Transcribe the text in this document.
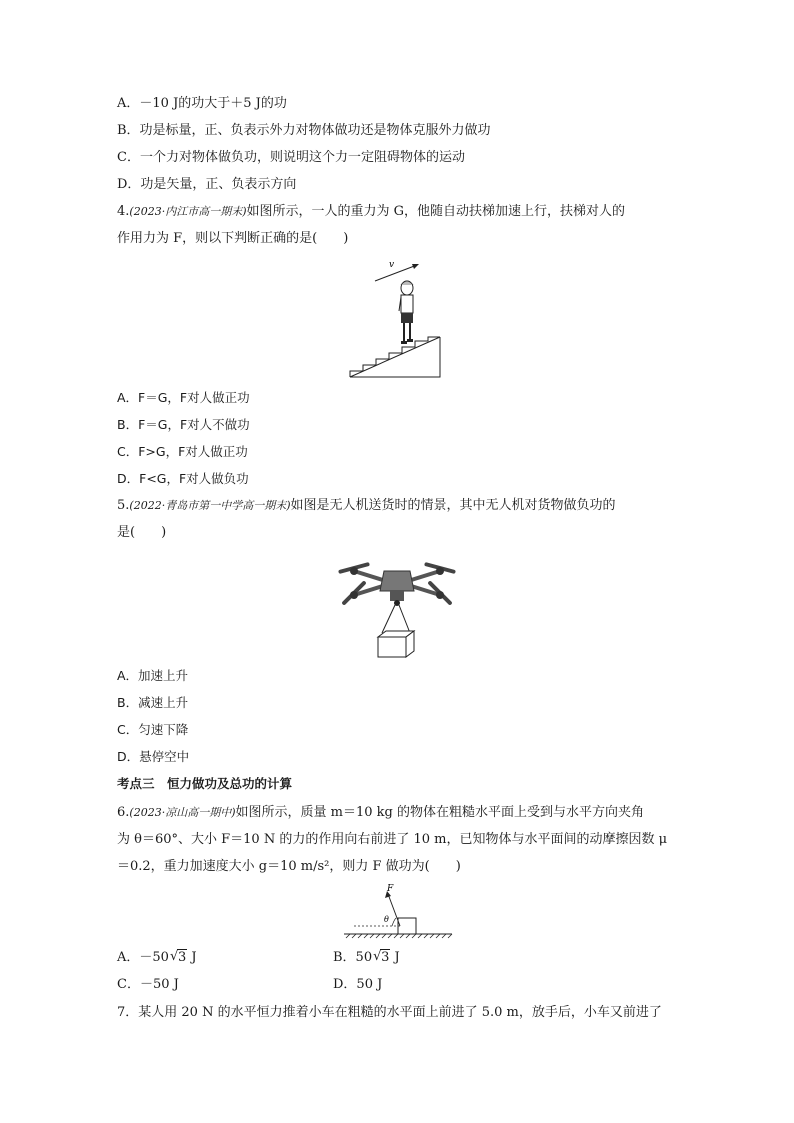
A．－10 J的功大于＋5 J的功
B．功是标量，正、负表示外力对物体做功还是物体克服外力做功
C．一个力对物体做负功，则说明这个力一定阻碍物体的运动
D．功是矢量，正、负表示方向
4.(2023·内江市高一期末)如图所示，一人的重力为 G，他随自动扶梯加速上行，扶梯对人的
作用力为 F，则以下判断正确的是(　　)
v
A．F＝G，F对人做正功
B．F＝G，F对人不做功
C．F>G，F对人做正功
D．F<G，F对人做负功
5.(2022·青岛市第一中学高一期末)如图是无人机送货时的情景，其中无人机对货物做负功的
是(　　)
A．加速上升
B．减速上升
C．匀速下降
D．悬停空中
考点三　恒力做功及总功的计算
6.(2023·凉山高一期中)如图所示，质量 m＝10 kg 的物体在粗糙水平面上受到与水平方向夹角
为 θ＝60°、大小 F＝10 N 的力的作用向右前进了 10 m，已知物体与水平面间的动摩擦因数 μ
＝0.2，重力加速度大小 g＝10 m/s²，则力 F 做功为(　　)
F
θ
A．－50 √ 3 J	B．50 √ 3 J
C．－50 J	D．50 J
7．某人用 20 N 的水平恒力推着小车在粗糙的水平面上前进了 5.0 m，放手后，小车又前进了
